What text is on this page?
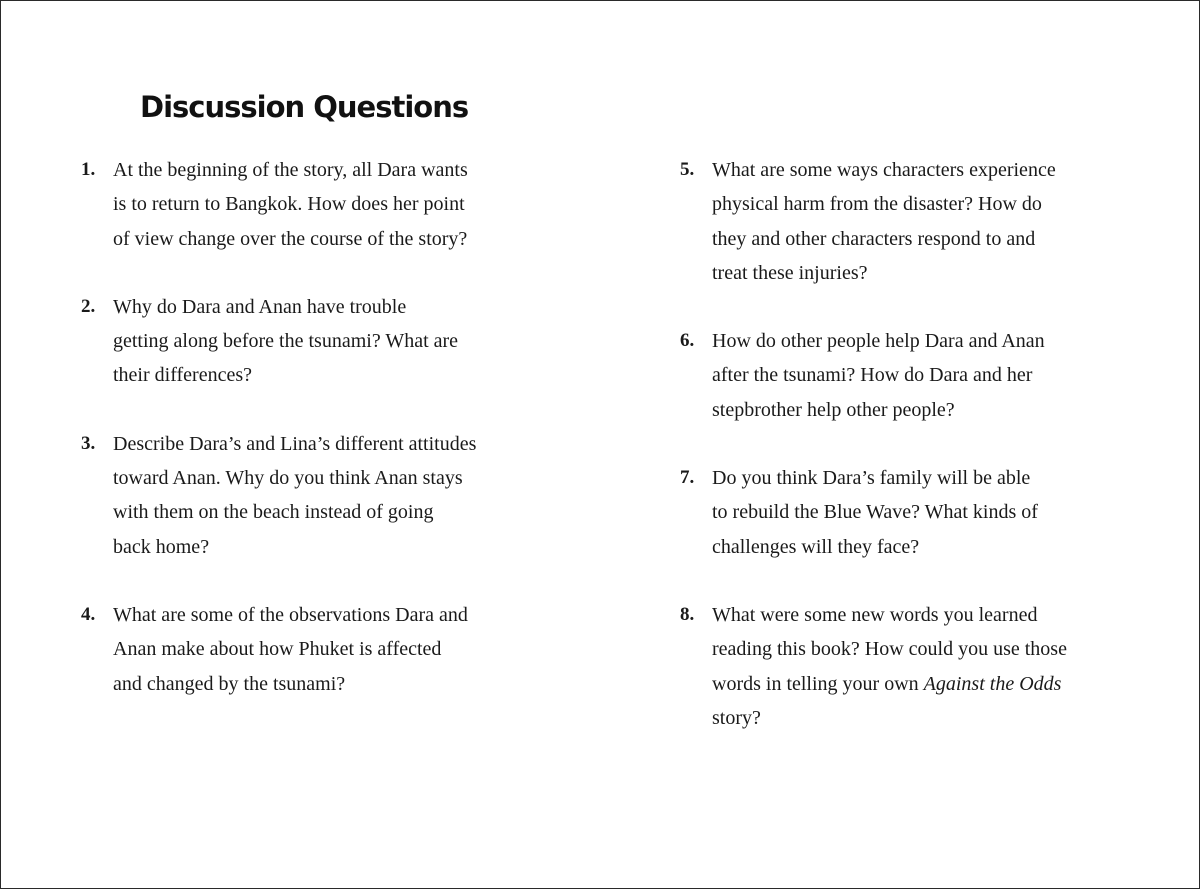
Discussion Questions
1. At the beginning of the story, all Dara wants
is to return to Bangkok. How does her point
of view change over the course of the story?
2. Why do Dara and Anan have trouble
getting along before the tsunami? What are
their differences?
3. Describe Dara’s and Lina’s different attitudes
toward Anan. Why do you think Anan stays
with them on the beach instead of going
back home?
4. What are some of the observations Dara and
Anan make about how Phuket is affected
and changed by the tsunami?
5. What are some ways characters experience
physical harm from the disaster? How do
they and other characters respond to and
treat these injuries?
6. How do other people help Dara and Anan
after the tsunami? How do Dara and her
stepbrother help other people?
7. Do you think Dara’s family will be able
to rebuild the Blue Wave? What kinds of
challenges will they face?
8. What were some new words you learned
reading this book? How could you use those
words in telling your own Against the Odds
story?
